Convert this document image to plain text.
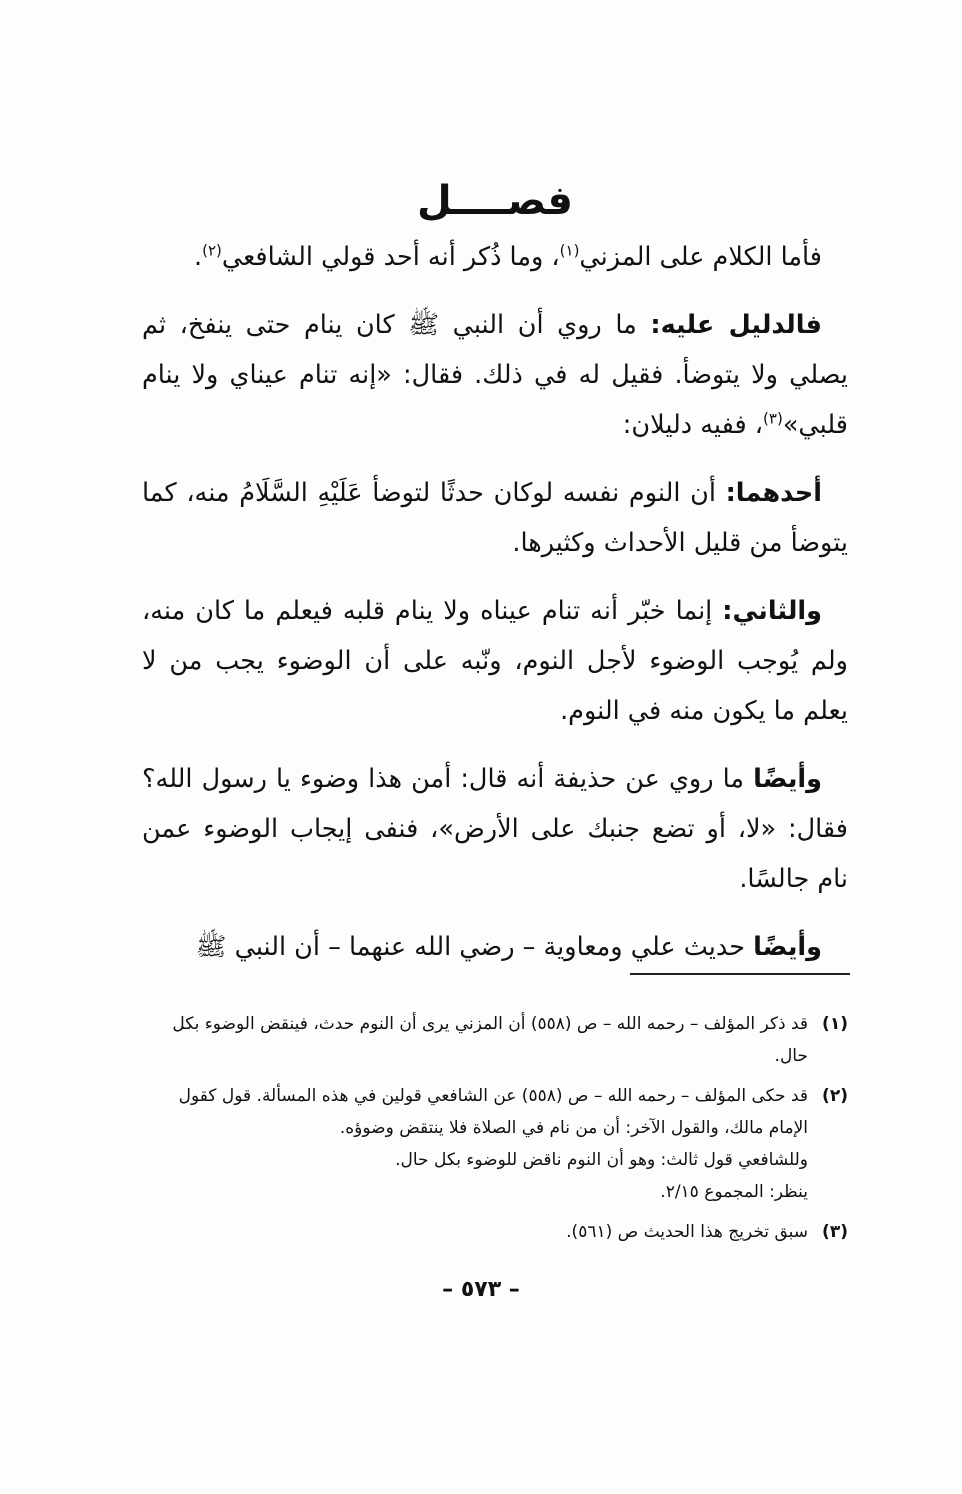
فصــــل

فأما الكلام على المزني$^{(١)}$، وما ذُكر أنه أحد قولي الشافعي$^{(٢)}$.

فالدليل عليه: ما روي أن النبي ﷺ كان ينام حتى ينفخ، ثم يصلي ولا يتوضأ. فقيل له في ذلك. فقال: «إنه تنام عيناي ولا ينام قلبي»$^{(٣)}$، ففيه دليلان:

أحدهما: أن النوم نفسه لوكان حدثًا لتوضأ عَلَيْهِ السَّلَامُ منه، كما يتوضأ من قليل الأحداث وكثيرها.

والثاني: إنما خبّر أنه تنام عيناه ولا ينام قلبه فيعلم ما كان منه، ولم يُوجب الوضوء لأجل النوم، ونّبه على أن الوضوء يجب من لا يعلم ما يكون منه في النوم.

وأيضًا ما روي عن حذيفة أنه قال: أمن هذا وضوء يا رسول الله؟ فقال: «لا، أو تضع جنبك على الأرض»، فنفى إيجاب الوضوء عمن نام جالسًا.

وأيضًا حديث علي ومعاوية – رضي الله عنهما – أن النبي ﷺ

(١)
قد ذكر المؤلف – رحمه الله – ص (٥٥٨) أن المزني يرى أن النوم حدث، فينقض الوضوء بكل حال.
(٢)
قد حكى المؤلف – رحمه الله – ص (٥٥٨) عن الشافعي قولين في هذه المسألة. قول كقول الإمام مالك، والقول الآخر: أن من نام في الصلاة فلا ينتقض وضوؤه.
وللشافعي قول ثالث: وهو أن النوم ناقض للوضوء بكل حال.
ينظر: المجموع ٢/١٥.
(٣)
سبق تخريج هذا الحديث ص (٥٦١).
– ٥٧٣ –
